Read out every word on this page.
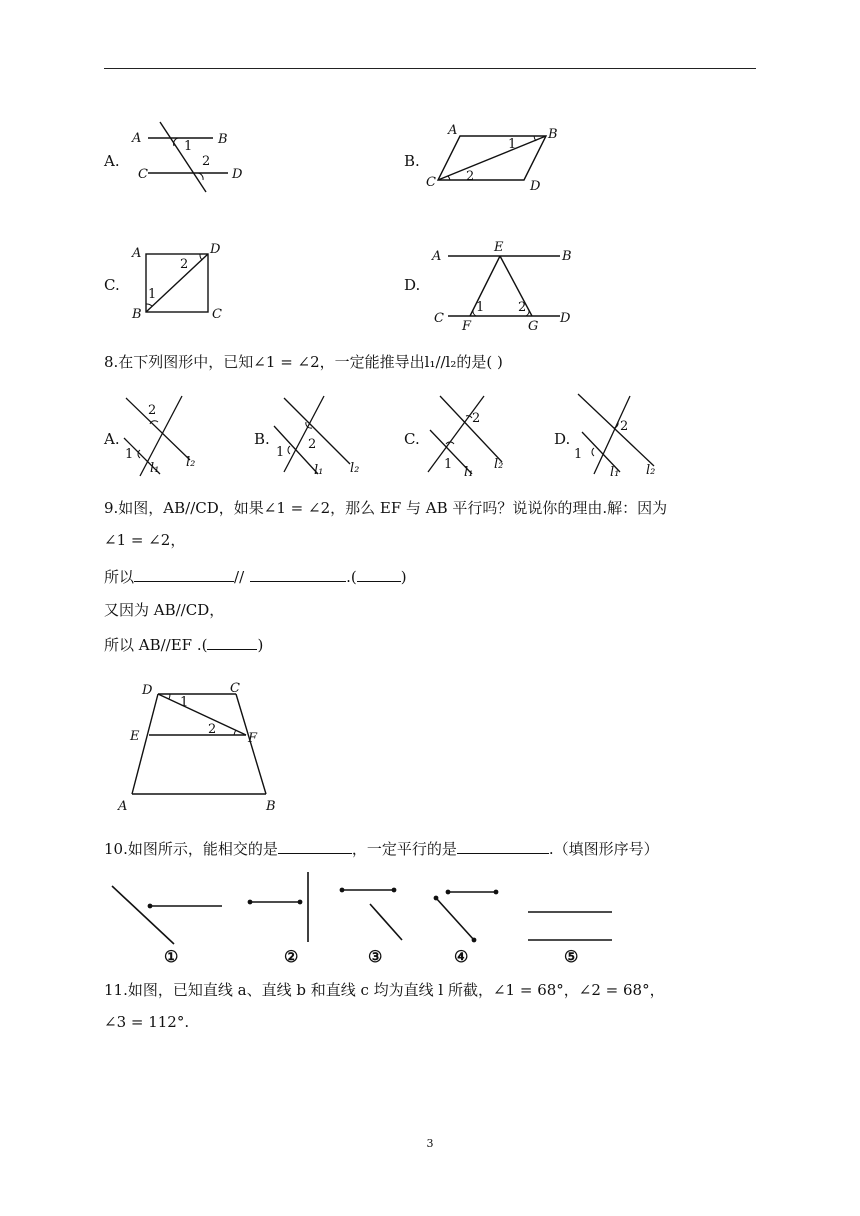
A.
A	B
C	D
1
2	B.
A	B
C	D
1
2
C.
A	D
B	C
2
1
D.
A
E
B
C
F	G
D
1	2
8.在下列图形中，已知∠1 = ∠2，一定能推导出l₁//l₂的是( )
A.
2
1
l₁ l₂
B.	2
1
l₁ l₂
C.
2
1
l₁
l₂
D.
2
1
l₁ l₂
9.如图，AB//CD，如果∠1 = ∠2，那么 EF 与 AB 平行吗？说说你的理由.解：因为
∠1 = ∠2，
所以	//	.(	)
又因为 AB//CD，
所以 AB//EF .(	)
D	C
E	F
A	B
1
2
10.如图所示，能相交的是	，一定平行的是	.（填图形序号）
①	②	③	④	⑤
11.如图，已知直线 a、直线 b 和直线 c 均为直线 l 所截，∠1 = 68°，∠2 = 68°，
∠3 = 112°.
3
